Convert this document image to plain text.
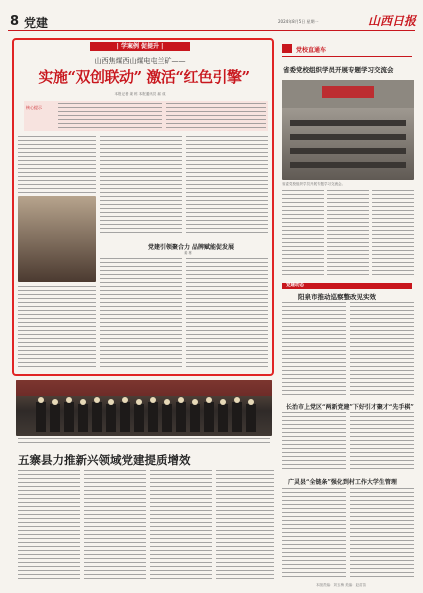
8 党建	2024年8月5日 星期一	山西日报
| 学案例 促提升 |
山西焦煤西山煤电屯兰矿——
实施“双创联动” 激活“红色引擎”
本报记者 姜 栋 本报通讯员 郝 成
核心提示
党建引领聚合力 品牌赋能促发展
姜 栋
五寨县力推新兴领域党建提质增效
党校直通车
省委党校组织学员开展专题学习交流会
省委党校组织学员开展专题学习交流会。
党建动态
阳泉市推动巡察整改见实效
长治市上党区“两新党建”下好引才聚才“先手棋”
广灵县“全链条”强化到村工作大学生管理
本版责编：刘玉梅 美编：赵苗苗
